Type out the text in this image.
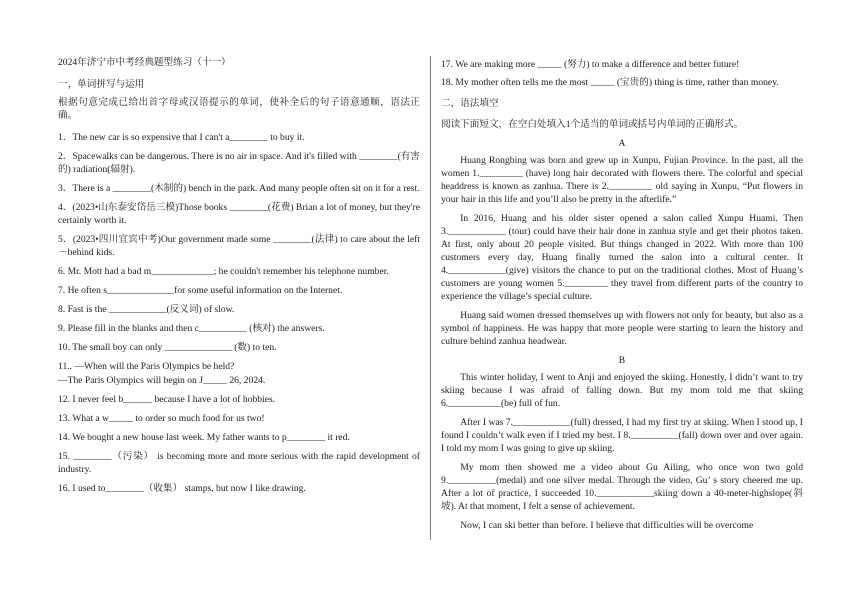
2024年济宁市中考经典题型练习（十一）

一，单词拼写与运用

根据句意完成已给出首字母或汉语提示的单词，使补全后的句子语意通顺，语法正确。

1．The new car is so expensive that I can't a________ to buy it.

2．Spacewalks can be dangerous. There is no air in space. And it's filled with ________(有害的) radiation(辐射).

3．There is a ________(木制的) bench in the park. And many people often sit on it for a rest.

4．(2023•山东泰安岱岳三模)Those books ________(花费) Brian a lot of money, but they're certainly worth it.

5．(2023•四川宜宾中考)Our government made some ________(法律) to care about the left－behind kids.

6. Mr. Mott had a bad m_____________; he couldn't remember his telephone number.

7. He often s______________for some useful information on the Internet.

8. Fast is the ____________(反义词) of slow.

9. Please fill in the blanks and then c__________ (核对) the answers.

10. The small boy can only ______________ (数) to ten.

11.. —When will the Paris Olympics be held?

—The Paris Olympics will begin on J_____ 26, 2024.

12. I never feel b______ because I have a lot of hobbies.

13. What a w_____ to order so much food for us two!

14. We bought a new house last week. My father wants to p________ it red.

15. ________（污染） is becoming more and more serious with the rapid development of industry.

16. I used to________（收集） stamps, but now I like drawing.

17. We are making more _____ (努力) to make a difference and better future!

18. My mother often tells me the most _____ (宝贵的) thing is time, rather than money.

二，语法填空

阅读下面短文，在空白处填入1个适当的单词或括号内单词的正确形式。

A

Huang Rongbing was born and grew up in Xunpu, Fujian Province. In the past, all the women 1._________ (have) long hair decorated with flowers there. The colorful and special headdress is known as zanhua. There is 2._________ old saying in Xunpu, “Put flowers in your hair in this life and you’ll also be pretty in the afterlife.”

In 2016, Huang and his older sister opened a salon called Xunpu Huami. Then 3.____________ (tour) could have their hair done in zanhua style and get their photos taken. At first, only about 20 people visited. But things changed in 2022. With more than 100 customers every day, Huang finally turned the salon into a cultural center. It 4.____________(give) visitors the chance to put on the traditional clothes. Most of Huang’s customers are young women 5._________ they travel from different parts of the country to experience the village’s special culture.

Huang said women dressed themselves up with flowers not only for beauty, but also as a symbol of happiness. He was happy that more people were starting to learn the history and culture behind zanhua headwear.

B

This winter holiday, I went to Anji and enjoyed the skiing. Honestly, I didn’t want to try skiing because I was afraid of falling down. But my mom told me that skiing 6.___________(be) full of fun.

After I was 7.____________(full) dressed, I had my first try at skiing. When I stood up, I found I couldn’t walk even if I tried my best. I 8.__________(fall) down over and over again. I told my mom I was going to give up skiing.

My mom then showed me a video about Gu Ailing, who once won two gold 9.__________(medal) and one silver medal. Through the video, Gu’ s story cheered me up. After a lot of practice, I succeeded 10.____________skiing down a 40-meter-highslope(斜坡). At that moment, I felt a sense of achievement.

Now, I can ski better than before. I believe that difficulties will be overcome
